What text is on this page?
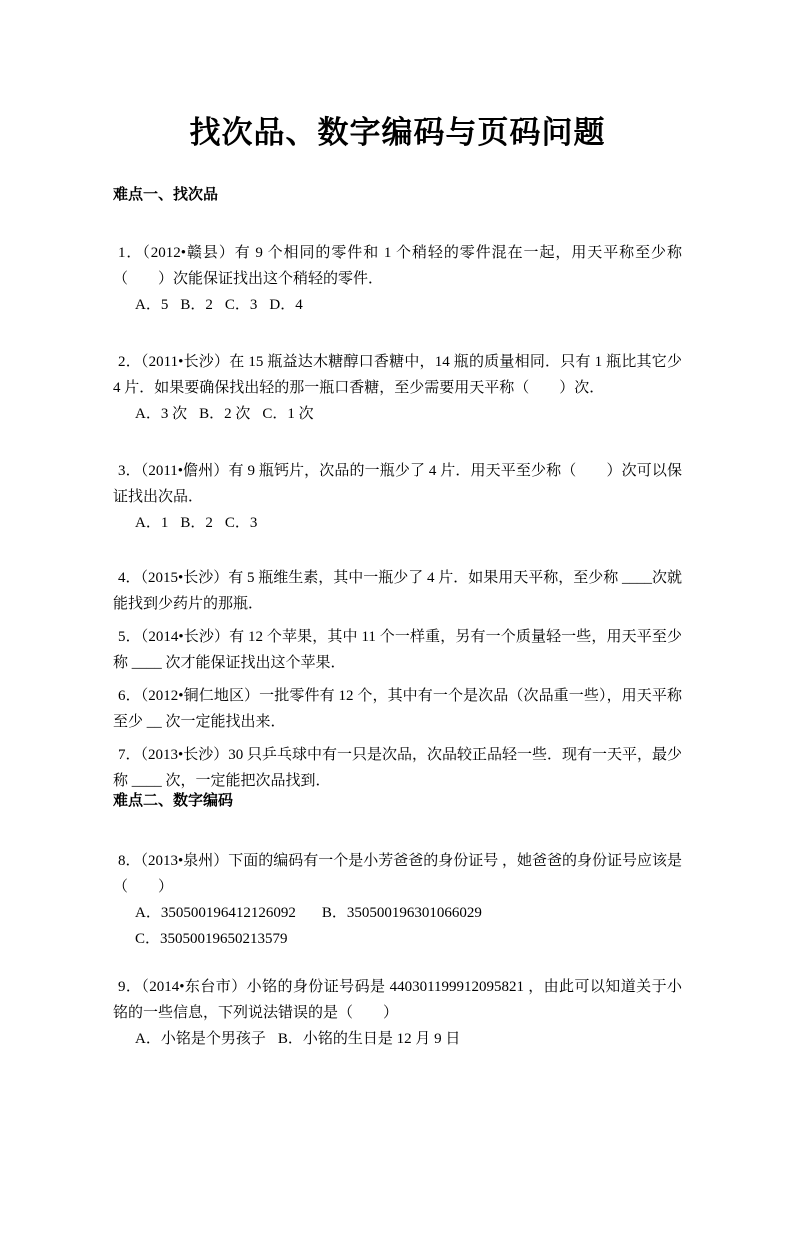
找次品、数字编码与页码问题
难点一、找次品

1．（2012•赣县）有 9 个相同的零件和 1 个稍轻的零件混在一起，用天平称至少称（　　）次能保证找出这个稍轻的零件．

A．5 B．2 C．3 D．4

2．（2011•长沙）在 15 瓶益达木糖醇口香糖中，14 瓶的质量相同．只有 1 瓶比其它少 4 片．如果要确保找出轻的那一瓶口香糖，至少需要用天平称（　　）次．

A．3 次 B．2 次 C．1 次

3．（2011•儋州）有 9 瓶钙片，次品的一瓶少了 4 片．用天平至少称（　　）次可以保证找出次品．

A．1 B．2 C．3

4．（2015•长沙）有 5 瓶维生素，其中一瓶少了 4 片．如果用天平称，至少称 ____次就能找到少药片的那瓶．

5．（2014•长沙）有 12 个苹果，其中 11 个一样重，另有一个质量轻一些，用天平至少称 ____ 次才能保证找出这个苹果．

6．（2012•铜仁地区）一批零件有 12 个，其中有一个是次品（次品重一些），用天平称至少 __ 次一定能找出来．

7．（2013•长沙）30 只乒乓球中有一只是次品，次品较正品轻一些．现有一天平，最少称 ____ 次，一定能把次品找到．

难点二、数字编码

8．（2013•泉州）下面的编码有一个是小芳爸爸的身份证号 ，她爸爸的身份证号应该是（　　）

A．350500196412126092 B．350500196301066029
C．35050019650213579

9．（2014•东台市）小铭的身份证号码是 440301199912095821 ，由此可以知道关于小铭的一些信息，下列说法错误的是（　　）

A．小铭是个男孩子 B．小铭的生日是 12 月 9 日
